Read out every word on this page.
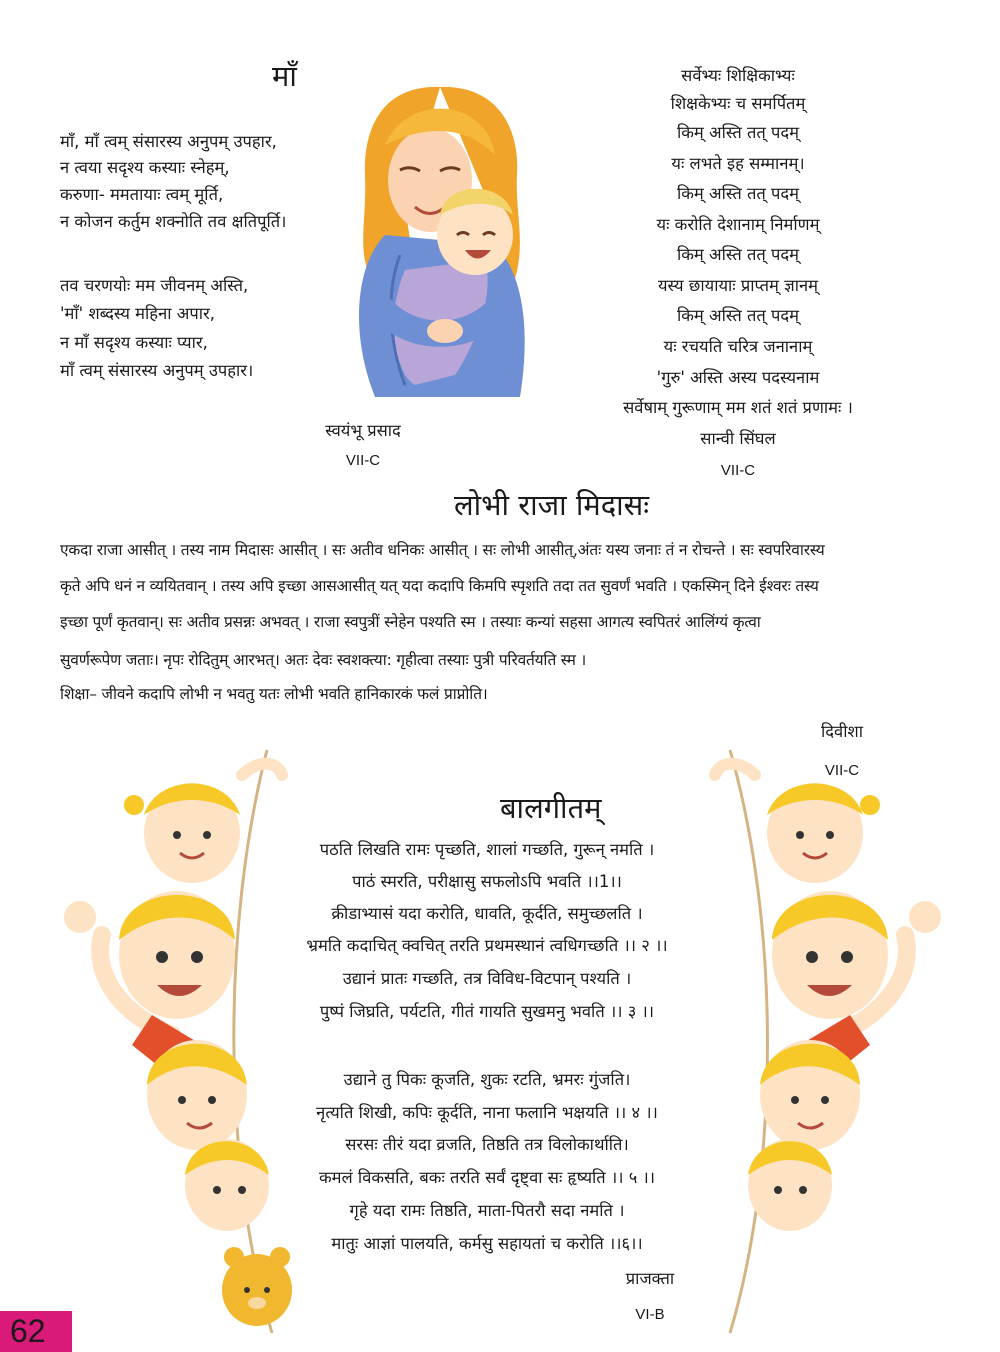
माँ
माँ, माँ त्वम् संसारस्य अनुपम् उपहार,
न त्वया सदृश्य कस्याः स्नेहम्,
करुणा- ममतायाः त्वम् मूर्ति,
न कोजन कर्तुम शक्नोति तव क्षतिपूर्ति।
तव चरणयोः मम जीवनम् अस्ति,
'माँ' शब्दस्य महिना अपार,
न माँ सदृश्य कस्याः प्यार,
माँ त्वम् संसारस्य अनुपम् उपहार।
स्वयंभू प्रसाद
VII-C
सर्वेभ्यः शिक्षिकाभ्यः
शिक्षकेभ्यः च समर्पितम्
किम् अस्ति तत् पदम्
यः लभते इह सम्मानम्।
किम् अस्ति तत् पदम्
यः करोति देशानाम् निर्माणम्
किम् अस्ति तत् पदम्
यस्य छायायाः प्राप्तम् ज्ञानम्
किम् अस्ति तत् पदम्
यः रचयति चरित्र जनानाम्
'गुरु' अस्ति अस्य पदस्यनाम
सर्वेषाम् गुरूणाम् मम शतं शतं प्रणामः ।
सान्वी सिंघल
VII-C
लोभी राजा मिदासः
एकदा राजा आसीत् । तस्य नाम मिदासः आसीत् । सः अतीव धनिकः आसीत् । सः लोभी आसीत्,अंतः यस्य जनाः तं न रोचन्ते । सः स्वपरिवारस्य
कृते अपि धनं न व्ययितवान् । तस्य अपि इच्छा आसआसीत् यत् यदा कदापि किमपि स्पृशति तदा तत सुवर्णं भवति । एकस्मिन् दिने ईश्वरः तस्य
इच्छा पूर्णं कृतवान्। सः अतीव प्रसन्नः अभवत् । राजा स्वपुत्रीं स्नेहेन पश्यति स्म । तस्याः कन्यां सहसा आगत्य स्वपितरं आलिंग्यं कृत्वा
सुवर्णरूपेण जताः। नृपः रोदितुम् आरभत्। अतः देवः स्वशक्त्या: गृहीत्वा तस्याः पुत्री परिवर्तयति स्म ।
शिक्षा– जीवने कदापि लोभी न भवतु यतः लोभी भवति हानिकारकं फलं प्राप्नोति।
दिवीशा
VII-C
बालगीतम्
पठति लिखति रामः पृच्छति, शालां गच्छति, गुरून् नमति ।
पाठं स्मरति, परीक्षासु सफलोऽपि भवति ।।1।।
क्रीडाभ्यासं यदा करोति, धावति, कूर्दति, समुच्छलति ।
भ्रमति कदाचित् क्वचित् तरति प्रथमस्थानं त्वधिगच्छति ।। २ ।।
उद्यानं प्रातः गच्छति, तत्र विविध-विटपान् पश्यति ।
पुष्पं जिघ्रति, पर्यटति, गीतं गायति सुखमनु भवति ।। ३ ।।
उद्याने तु पिकः कूजति, शुकः रटति, भ्रमरः गुंजति।
नृत्यति शिखी, कपिः कूर्दति, नाना फलानि भक्षयति ।। ४ ।।
सरसः तीरं यदा व्रजति, तिष्ठति तत्र विलोकार्थाति।
कमलं विकसति, बकः तरति सर्वं दृष्ट्वा सः हृष्यति ।। ५ ।।
गृहे यदा रामः तिष्ठति, माता-पितरौ सदा नमति ।
मातुः आज्ञां पालयति, कर्मसु सहायतां च करोति ।।६।।
प्राजक्ता
VI-B
62
